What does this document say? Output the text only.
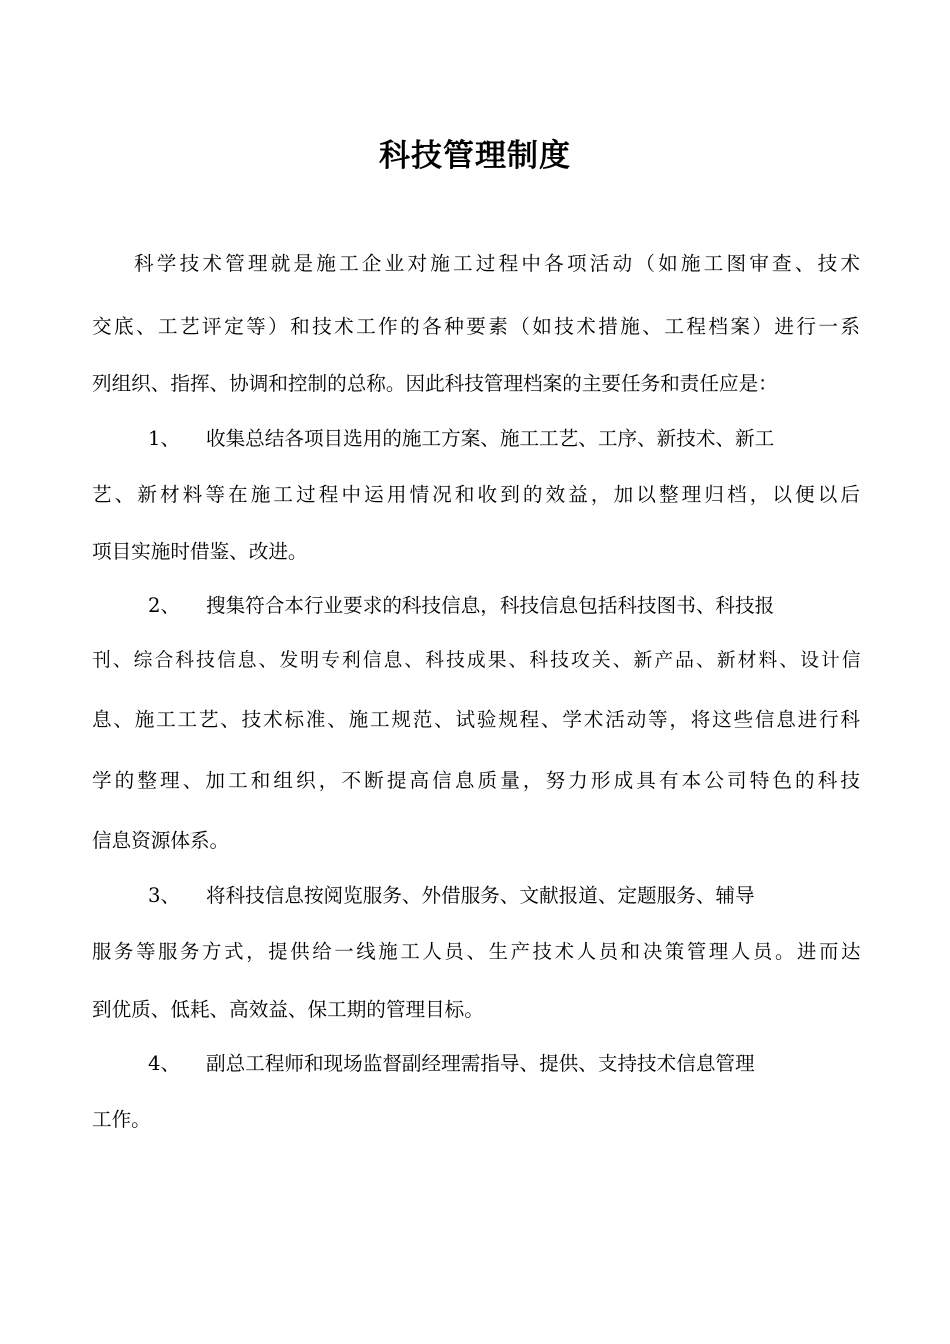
科技管理制度
科学技术管理就是施工企业对施工过程中各项活动（如施工图审查、技术
交底、工艺评定等）和技术工作的各种要素（如技术措施、工程档案）进行一系
列组织、指挥、协调和控制的总称。因此科技管理档案的主要任务和责任应是：
1、 收集总结各项目选用的施工方案、施工工艺、工序、新技术、新工
艺、新材料等在施工过程中运用情况和收到的效益，加以整理归档，以便以后
项目实施时借鉴、改进。
2、 搜集符合本行业要求的科技信息，科技信息包括科技图书、科技报
刊、综合科技信息、发明专利信息、科技成果、科技攻关、新产品、新材料、设计信
息、施工工艺、技术标准、施工规范、试验规程、学术活动等，将这些信息进行科
学的整理、加工和组织，不断提高信息质量，努力形成具有本公司特色的科技
信息资源体系。
3、 将科技信息按阅览服务、外借服务、文献报道、定题服务、辅导
服务等服务方式，提供给一线施工人员、生产技术人员和决策管理人员。进而达
到优质、低耗、高效益、保工期的管理目标。
4、 副总工程师和现场监督副经理需指导、提供、支持技术信息管理
工作。
